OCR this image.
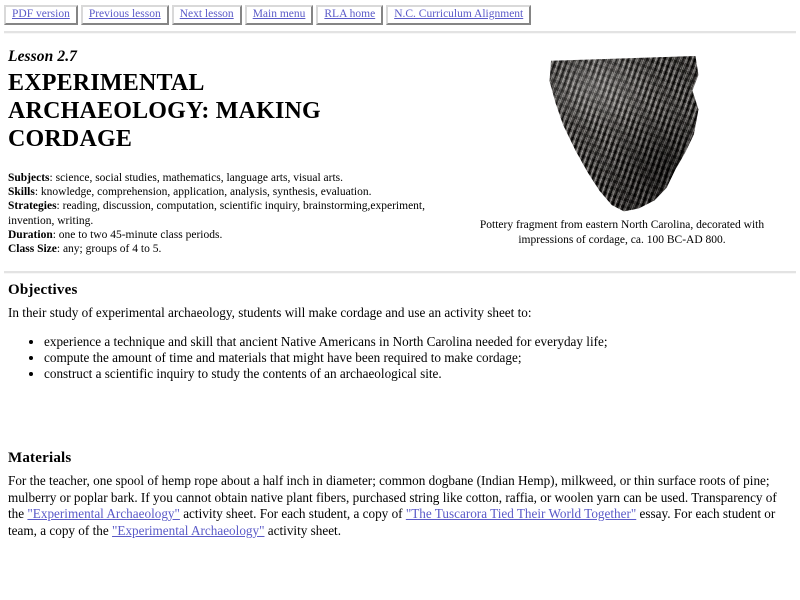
PDF version	Previous lesson	Next lesson	Main menu	RLA home	N.C. Curriculum Alignment
Lesson 2.7
EXPERIMENTAL ARCHAEOLOGY: MAKING CORDAGE
Subjects: science, social studies, mathematics, language arts, visual arts.
Skills: knowledge, comprehension, application, analysis, synthesis, evaluation.
Strategies: reading, discussion, computation, scientific inquiry, brainstorming,experiment, invention, writing.
Duration: one to two 45-minute class periods.
Class Size: any; groups of 4 to 5.
Pottery fragment from eastern North Carolina, decorated with impressions of cordage, ca. 100 BC-AD 800.
Objectives

In their study of experimental archaeology, students will make cordage and use an activity sheet to:

• experience a technique and skill that ancient Native Americans in North Carolina needed for everyday life;
• compute the amount of time and materials that might have been required to make cordage;
• construct a scientific inquiry to study the contents of an archaeological site.
Materials

For the teacher, one spool of hemp rope about a half inch in diameter; common dogbane (Indian Hemp), milkweed, or thin surface roots of pine; mulberry or poplar bark. If you cannot obtain native plant fibers, purchased string like cotton, raffia, or woolen yarn can be used. Transparency of the "Experimental Archaeology" activity sheet. For each student, a copy of "The Tuscarora Tied Their World Together" essay. For each student or team, a copy of the "Experimental Archaeology" activity sheet.
